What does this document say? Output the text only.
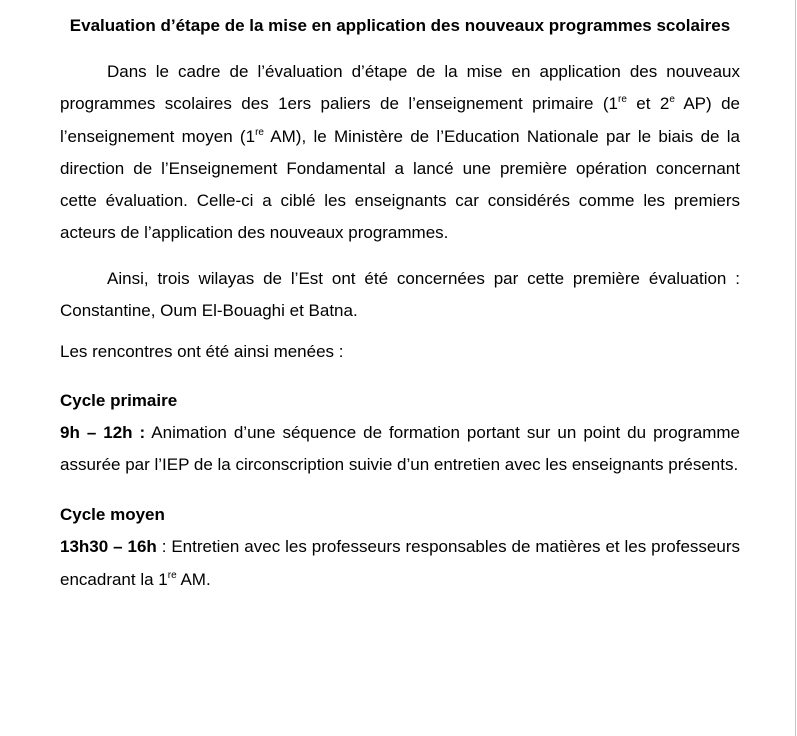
Evaluation d’étape de la mise en application des nouveaux programmes scolaires

Dans le cadre de l’évaluation d’étape de la mise en application des nouveaux programmes scolaires des 1ers paliers de l’enseignement primaire (1re et 2e AP) de l’enseignement moyen (1re AM), le Ministère de l’Education Nationale par le biais de la direction de l’Enseignement Fondamental a lancé une première opération concernant cette évaluation. Celle-ci a ciblé les enseignants car considérés comme les premiers acteurs de l’application des nouveaux programmes.

Ainsi, trois wilayas de l’Est ont été concernées par cette première évaluation : Constantine, Oum El-Bouaghi et Batna.

Les rencontres ont été ainsi menées :

Cycle primaire

9h – 12h : Animation d’une séquence de formation portant sur un point du programme assurée par l’IEP de la circonscription suivie d’un entretien avec les enseignants présents.

Cycle moyen

13h30 – 16h : Entretien avec les professeurs responsables de matières et les professeurs encadrant la 1re AM.
